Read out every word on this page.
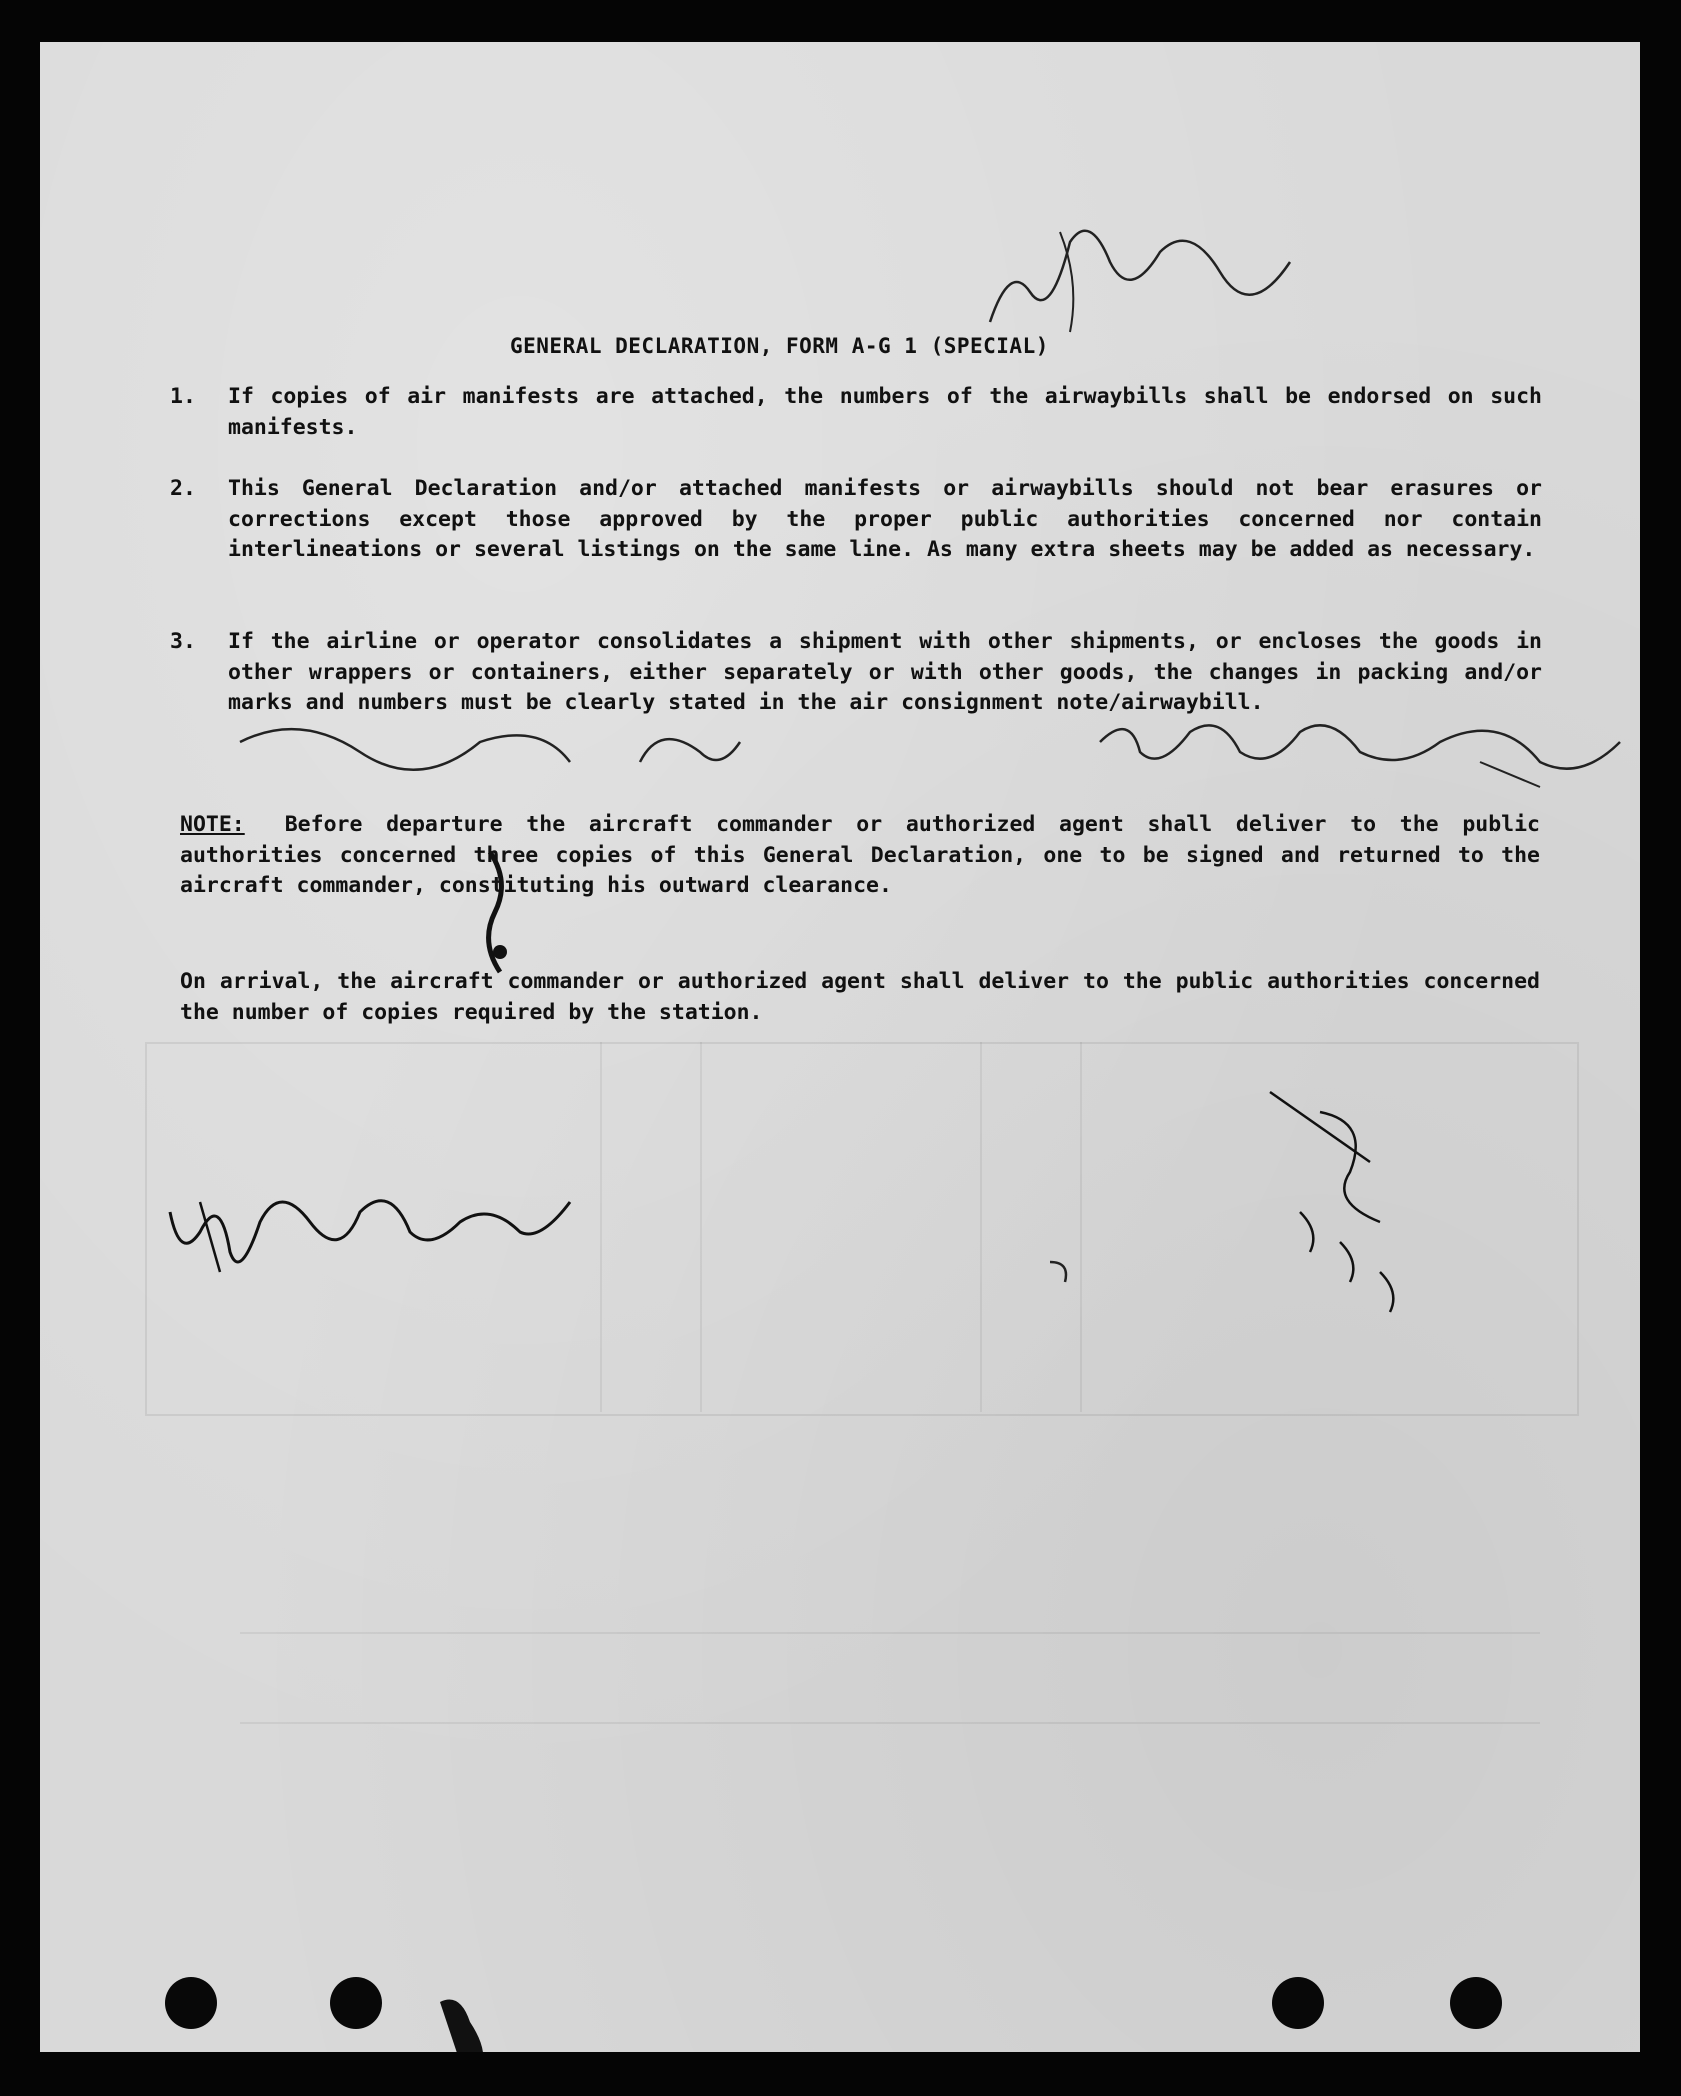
GENERAL DECLARATION, FORM A-G 1 (SPECIAL)
1.	If copies of air manifests are attached, the numbers of the airwaybills shall be endorsed on such manifests.
2.	This General Declaration and/or attached manifests or airwaybills should not bear erasures or corrections except those approved by the proper public authorities concerned nor contain interlineations or several listings on the same line. As many extra sheets may be added as necessary.
3.	If the airline or operator consolidates a shipment with other shipments, or encloses the goods in other wrappers or containers, either separately or with other goods, the changes in packing and/or marks and numbers must be clearly stated in the air consignment note/airwaybill.
NOTE: Before departure the aircraft commander or authorized agent shall deliver to the public authorities concerned three copies of this General Declaration, one to be signed and returned to the aircraft commander, constituting his outward clearance.
On arrival, the aircraft commander or authorized agent shall deliver to the public authorities concerned the number of copies required by the station.
